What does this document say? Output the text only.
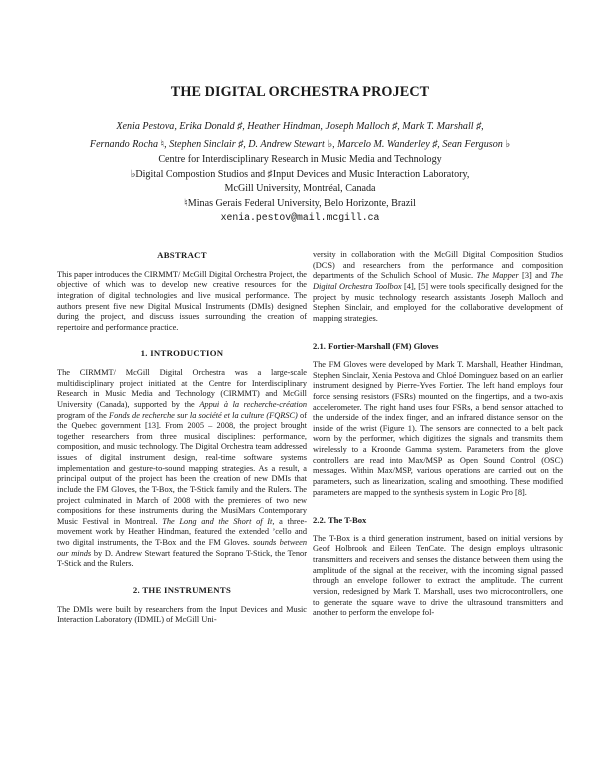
THE DIGITAL ORCHESTRA PROJECT
Xenia Pestova, Erika Donald ♯, Heather Hindman, Joseph Malloch ♯, Mark T. Marshall ♯,
Fernando Rocha ♮, Stephen Sinclair ♯, D. Andrew Stewart ♭, Marcelo M. Wanderley ♯, Sean Ferguson ♭
Centre for Interdisciplinary Research in Music Media and Technology
♭Digital Compostion Studios and ♯Input Devices and Music Interaction Laboratory,
McGill University, Montréal, Canada
♮Minas Gerais Federal University, Belo Horizonte, Brazil
xenia.pestov@mail.mcgill.ca

ABSTRACT

This paper introduces the CIRMMT/ McGill Digital Orchestra Project, the objective of which was to develop new creative resources for the integration of digital technologies and live musical performance. The authors present five new Digital Musical Instruments (DMIs) designed during the project, and discuss issues surrounding the creation of repertoire and performance practice.

1. INTRODUCTION

The CIRMMT/ McGill Digital Orchestra was a large-scale multidisciplinary project initiated at the Centre for Interdisciplinary Research in Music Media and Technology (CIRMMT) and McGill University (Canada), supported by the Appui à la recherche-création program of the Fonds de recherche sur la société et la culture (FQRSC) of the Quebec government [13]. From 2005 – 2008, the project brought together researchers from three musical disciplines: performance, composition, and music technology. The Digital Orchestra team addressed issues of digital instrument design, real-time software systems implementation and gesture-to-sound mapping strategies. As a result, a principal output of the project has been the creation of new DMIs that include the FM Gloves, the T-Box, the T-Stick family and the Rulers. The project culminated in March of 2008 with the premieres of two new compositions for these instruments during the MusiMars Contemporary Music Festival in Montreal. The Long and the Short of It, a three-movement work by Heather Hindman, featured the extended ’cello and two digital instruments, the T-Box and the FM Gloves. sounds between our minds by D. Andrew Stewart featured the Soprano T-Stick, the Tenor T-Stick and the Rulers.

2. THE INSTRUMENTS

The DMIs were built by researchers from the Input Devices and Music Interaction Laboratory (IDMIL) of McGill Uni-

versity in collaboration with the McGill Digital Composition Studios (DCS) and researchers from the performance and composition departments of the Schulich School of Music. The Mapper [3] and The Digital Orchestra Toolbox [4], [5] were tools specifically designed for the project by music technology research assistants Joseph Malloch and Stephen Sinclair, and employed for the collaborative development of mapping strategies.

2.1. Fortier-Marshall (FM) Gloves

The FM Gloves were developed by Mark T. Marshall, Heather Hindman, Stephen Sinclair, Xenia Pestova and Chloé Dominguez based on an earlier instrument designed by Pierre-Yves Fortier. The left hand employs four force sensing resistors (FSRs) mounted on the fingertips, and a two-axis accelerometer. The right hand uses four FSRs, a bend sensor attached to the underside of the index finger, and an infrared distance sensor on the inside of the wrist (Figure 1). The sensors are connected to a belt pack worn by the performer, which digitizes the signals and transmits them wirelessly to a Kroonde Gamma system. Parameters from the glove controllers are read into Max/MSP as Open Sound Control (OSC) messages. Within Max/MSP, various operations are carried out on the parameters, such as linearization, scaling and smoothing. These modified parameters are mapped to the synthesis system in Logic Pro [8].

2.2. The T-Box

The T-Box is a third generation instrument, based on initial versions by Geof Holbrook and Eileen TenCate. The design employs ultrasonic transmitters and receivers and senses the distance between them using the amplitude of the signal at the receiver, with the incoming signal passed through an envelope follower to extract the amplitude. The current version, redesigned by Mark T. Marshall, uses two microcontrollers, one to generate the square wave to drive the ultrasound transmitters and another to perform the envelope fol-
